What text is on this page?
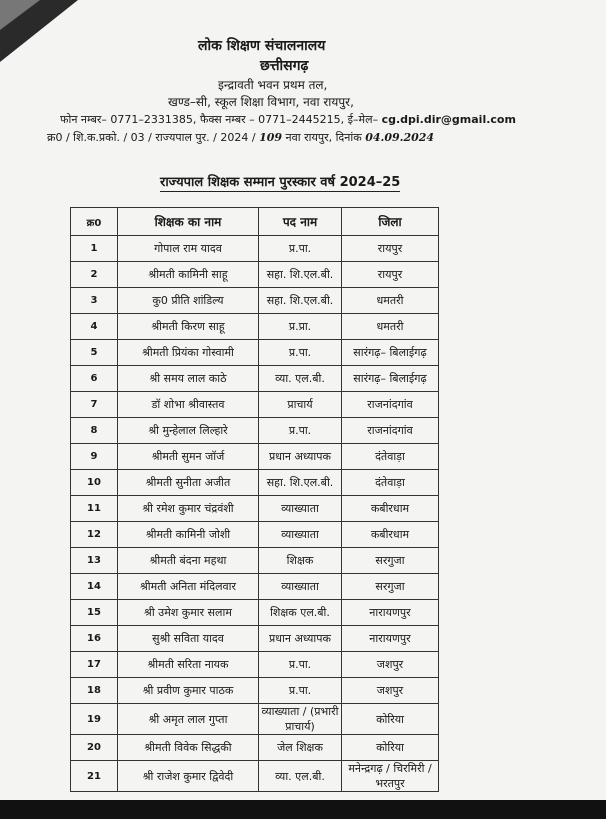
लोक शिक्षण संचालनालय
छत्तीसगढ़
इन्द्रावती भवन प्रथम तल,
खण्ड–सी, स्कूल शिक्षा विभाग, नवा रायपुर,
फोन नम्बर– 0771–2331385, फैक्स नम्बर – 0771–2445215, ई–मेल– cg.dpi.dir@gmail.com
क्र0 / शि.क.प्रको. / 03 / राज्यपाल पुर. / 2024 / 109 नवा रायपुर, दिनांक 04.09.2024
राज्यपाल शिक्षक सम्मान पुरस्कार वर्ष 2024–25
क्र0	शिक्षक का नाम	पद नाम	जिला
1	गोपाल राम यादव	प्र.पा.	रायपुर
2	श्रीमती कामिनी साहू	सहा. शि.एल.बी.	रायपुर
3	कु0 प्रीति शांडिल्य	सहा. शि.एल.बी.	धमतरी
4	श्रीमती किरण साहू	प्र.प्रा.	धमतरी
5	श्रीमती प्रियंका गोस्वामी	प्र.पा.	सारंगढ़– बिलाईगढ़
6	श्री समय लाल काठे	व्या. एल.बी.	सारंगढ़– बिलाईगढ़
7	डॉ शोभा श्रीवास्तव	प्राचार्य	राजनांदगांव
8	श्री मुन्हेलाल लिल्हारे	प्र.पा.	राजनांदगांव
9	श्रीमती सुमन जॉर्ज	प्रधान अध्यापक	दंतेवाड़ा
10	श्रीमती सुनीता अजीत	सहा. शि.एल.बी.	दंतेवाड़ा
11	श्री रमेश कुमार चंद्रवंशी	व्याख्याता	कबीरधाम
12	श्रीमती कामिनी जोशी	व्याख्याता	कबीरधाम
13	श्रीमती बंदना महथा	शिक्षक	सरगुजा
14	श्रीमती अनिता मंदिलवार	व्याख्याता	सरगुजा
15	श्री उमेश कुमार सलाम	शिक्षक एल.बी.	नारायणपुर
16	सुश्री सविता यादव	प्रधान अध्यापक	नारायणपुर
17	श्रीमती सरिता नायक	प्र.पा.	जशपुर
18	श्री प्रवीण कुमार पाठक	प्र.पा.	जशपुर
19	श्री अमृत लाल गुप्ता	व्याख्याता / (प्रभारी प्राचार्य)	कोरिया
20	श्रीमती विवेक सिद्धकी	जेल शिक्षक	कोरिया
21	श्री राजेश कुमार द्विवेदी	व्या. एल.बी.	मनेन्द्रगढ़ / चिरमिरी / भरतपुर
